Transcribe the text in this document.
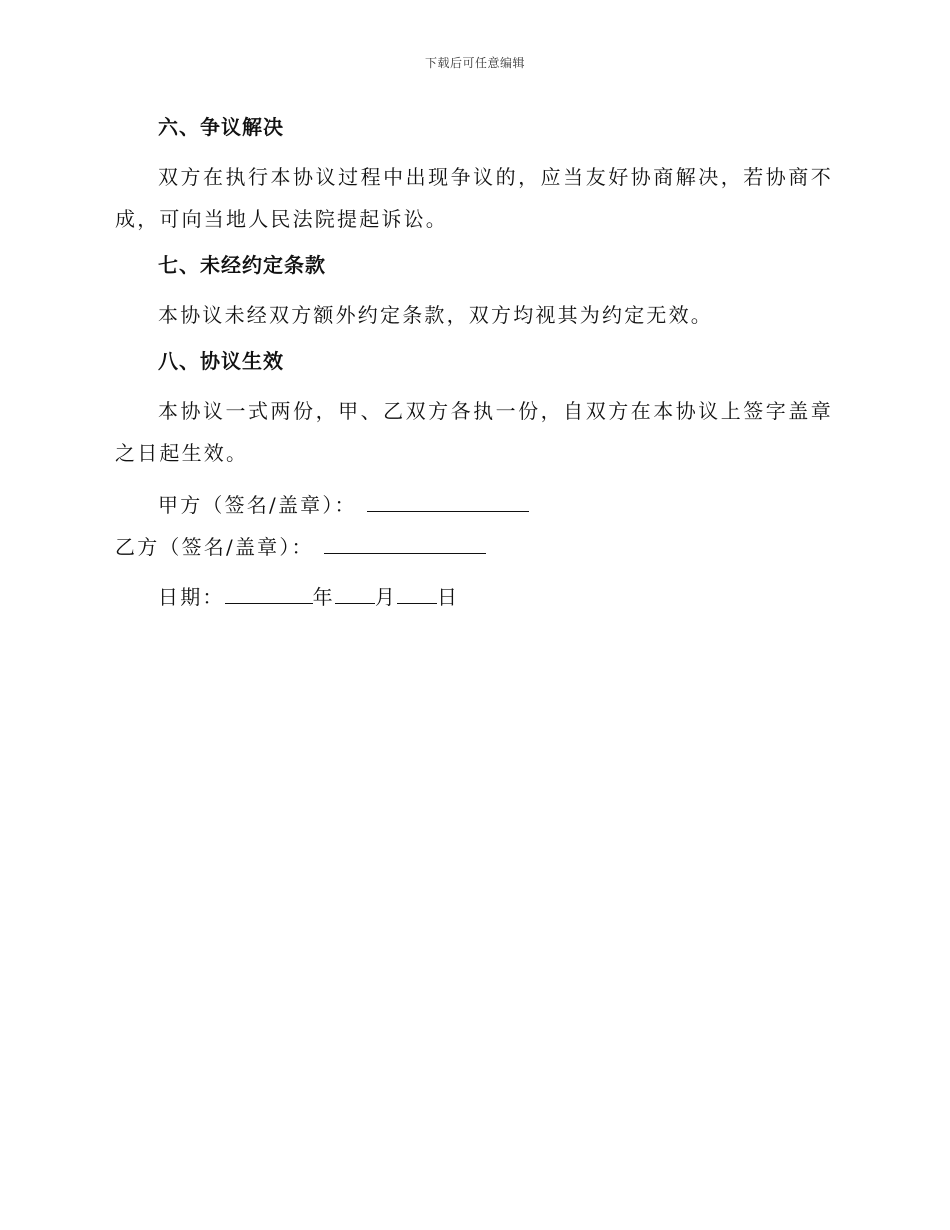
下载后可任意编辑
六、争议解决

双方在执行本协议过程中出现争议的，应当友好协商解决，若协商不成，可向当地人民法院提起诉讼。

七、未经约定条款

本协议未经双方额外约定条款，双方均视其为约定无效。

八、协议生效

本协议一式两份，甲、乙双方各执一份，自双方在本协议上签字盖章之日起生效。

甲方（签名/盖章）：
乙方（签名/盖章）：
日期：	年 月 日
